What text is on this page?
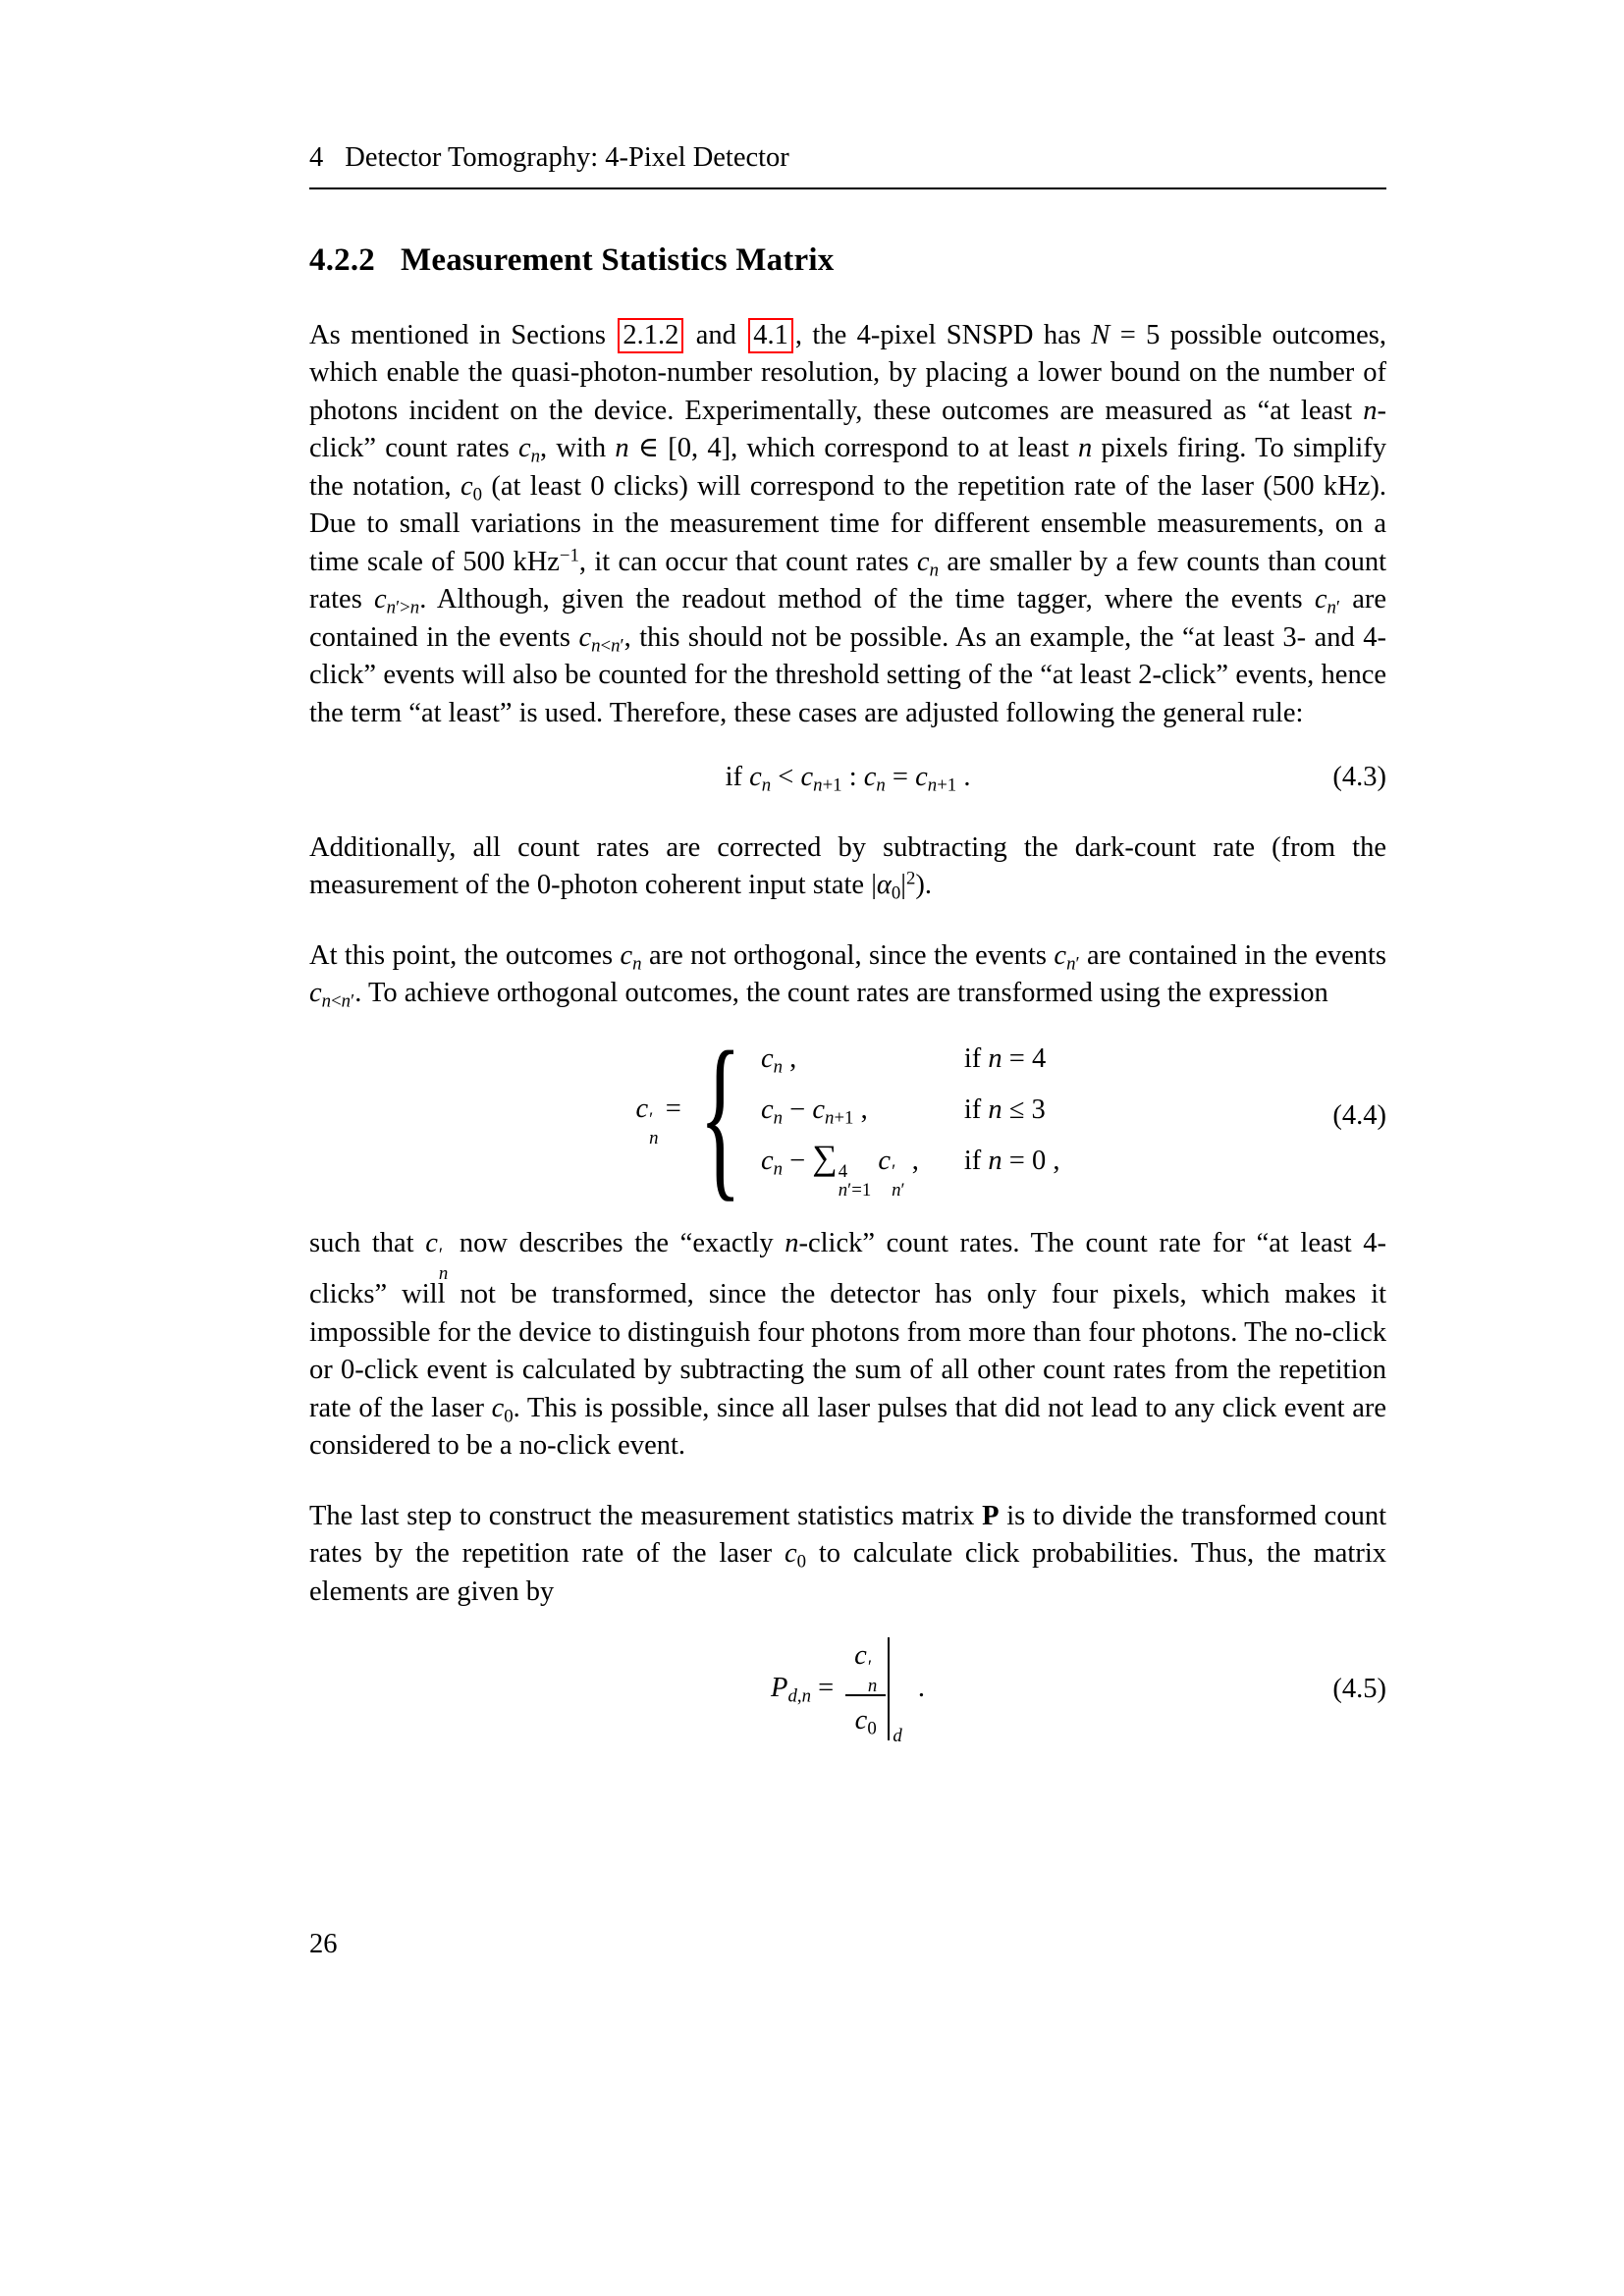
4 Detector Tomography: 4-Pixel Detector
4.2.2 Measurement Statistics Matrix

As mentioned in Sections 2.1.2 and 4.1 , the 4-pixel SNSPD has N = 5 possible outcomes, which enable the quasi-photon-number resolution, by placing a lower bound on the number of photons incident on the device. Experimentally, these outcomes are measured as “at least n-click” count rates $c_n$, with n ∈ [0, 4], which correspond to at least n pixels firing. To simplify the notation, $c_0$ (at least 0 clicks) will correspond to the repetition rate of the laser (500 kHz). Due to small variations in the measurement time for different ensemble measurements, on a time scale of 500 kHz$^{-1}$, it can occur that count rates $c_n$ are smaller by a few counts than count rates $c_{n'>n}$. Although, given the readout method of the time tagger, where the events $c_{n'}$ are contained in the events $c_{n<n'}$, this should not be possible. As an example, the “at least 3- and 4-click” events will also be counted for the threshold setting of the “at least 2-click” events, hence the term “at least” is used. Therefore, these cases are adjusted following the general rule:

if $c_n < c_{n+1}$ : $c_n = c_{n+1}$ .	(4.3)

Additionally, all count rates are corrected by subtracting the dark-count rate (from the measurement of the 0-photon coherent input state $|\alpha_0|^2$).

At this point, the outcomes $c_n$ are not orthogonal, since the events $c_{n'}$ are contained in the events $c_{n<n'}$. To achieve orthogonal outcomes, the count rates are transformed using the expression

c ′
n
= { $c_n$ ,	if n = 4
$c_n - c_{n+1}$ ,	if n ≤ 3
$c_n$ − ∑ 4
n′=1
c ′
n′
, if n = 0 ,
(4.4)

such that c ′
n
now describes the “exactly n-click” count rates. The count rate for “at least 4-clicks” will not be transformed, since the detector has only four pixels, which makes it impossible for the device to distinguish four photons from more than four photons. The no-click or 0-click event is calculated by subtracting the sum of all other count rates from the repetition rate of the laser $c_0$. This is possible, since all laser pulses that did not lead to any click event are considered to be a no-click event.

The last step to construct the measurement statistics matrix P is to divide the transformed count rates by the repetition rate of the laser $c_0$ to calculate click probabilities. Thus, the matrix elements are given by

$P_{d,n} = c$ ′
n
$c_0$ d
.	(4.5)
26
